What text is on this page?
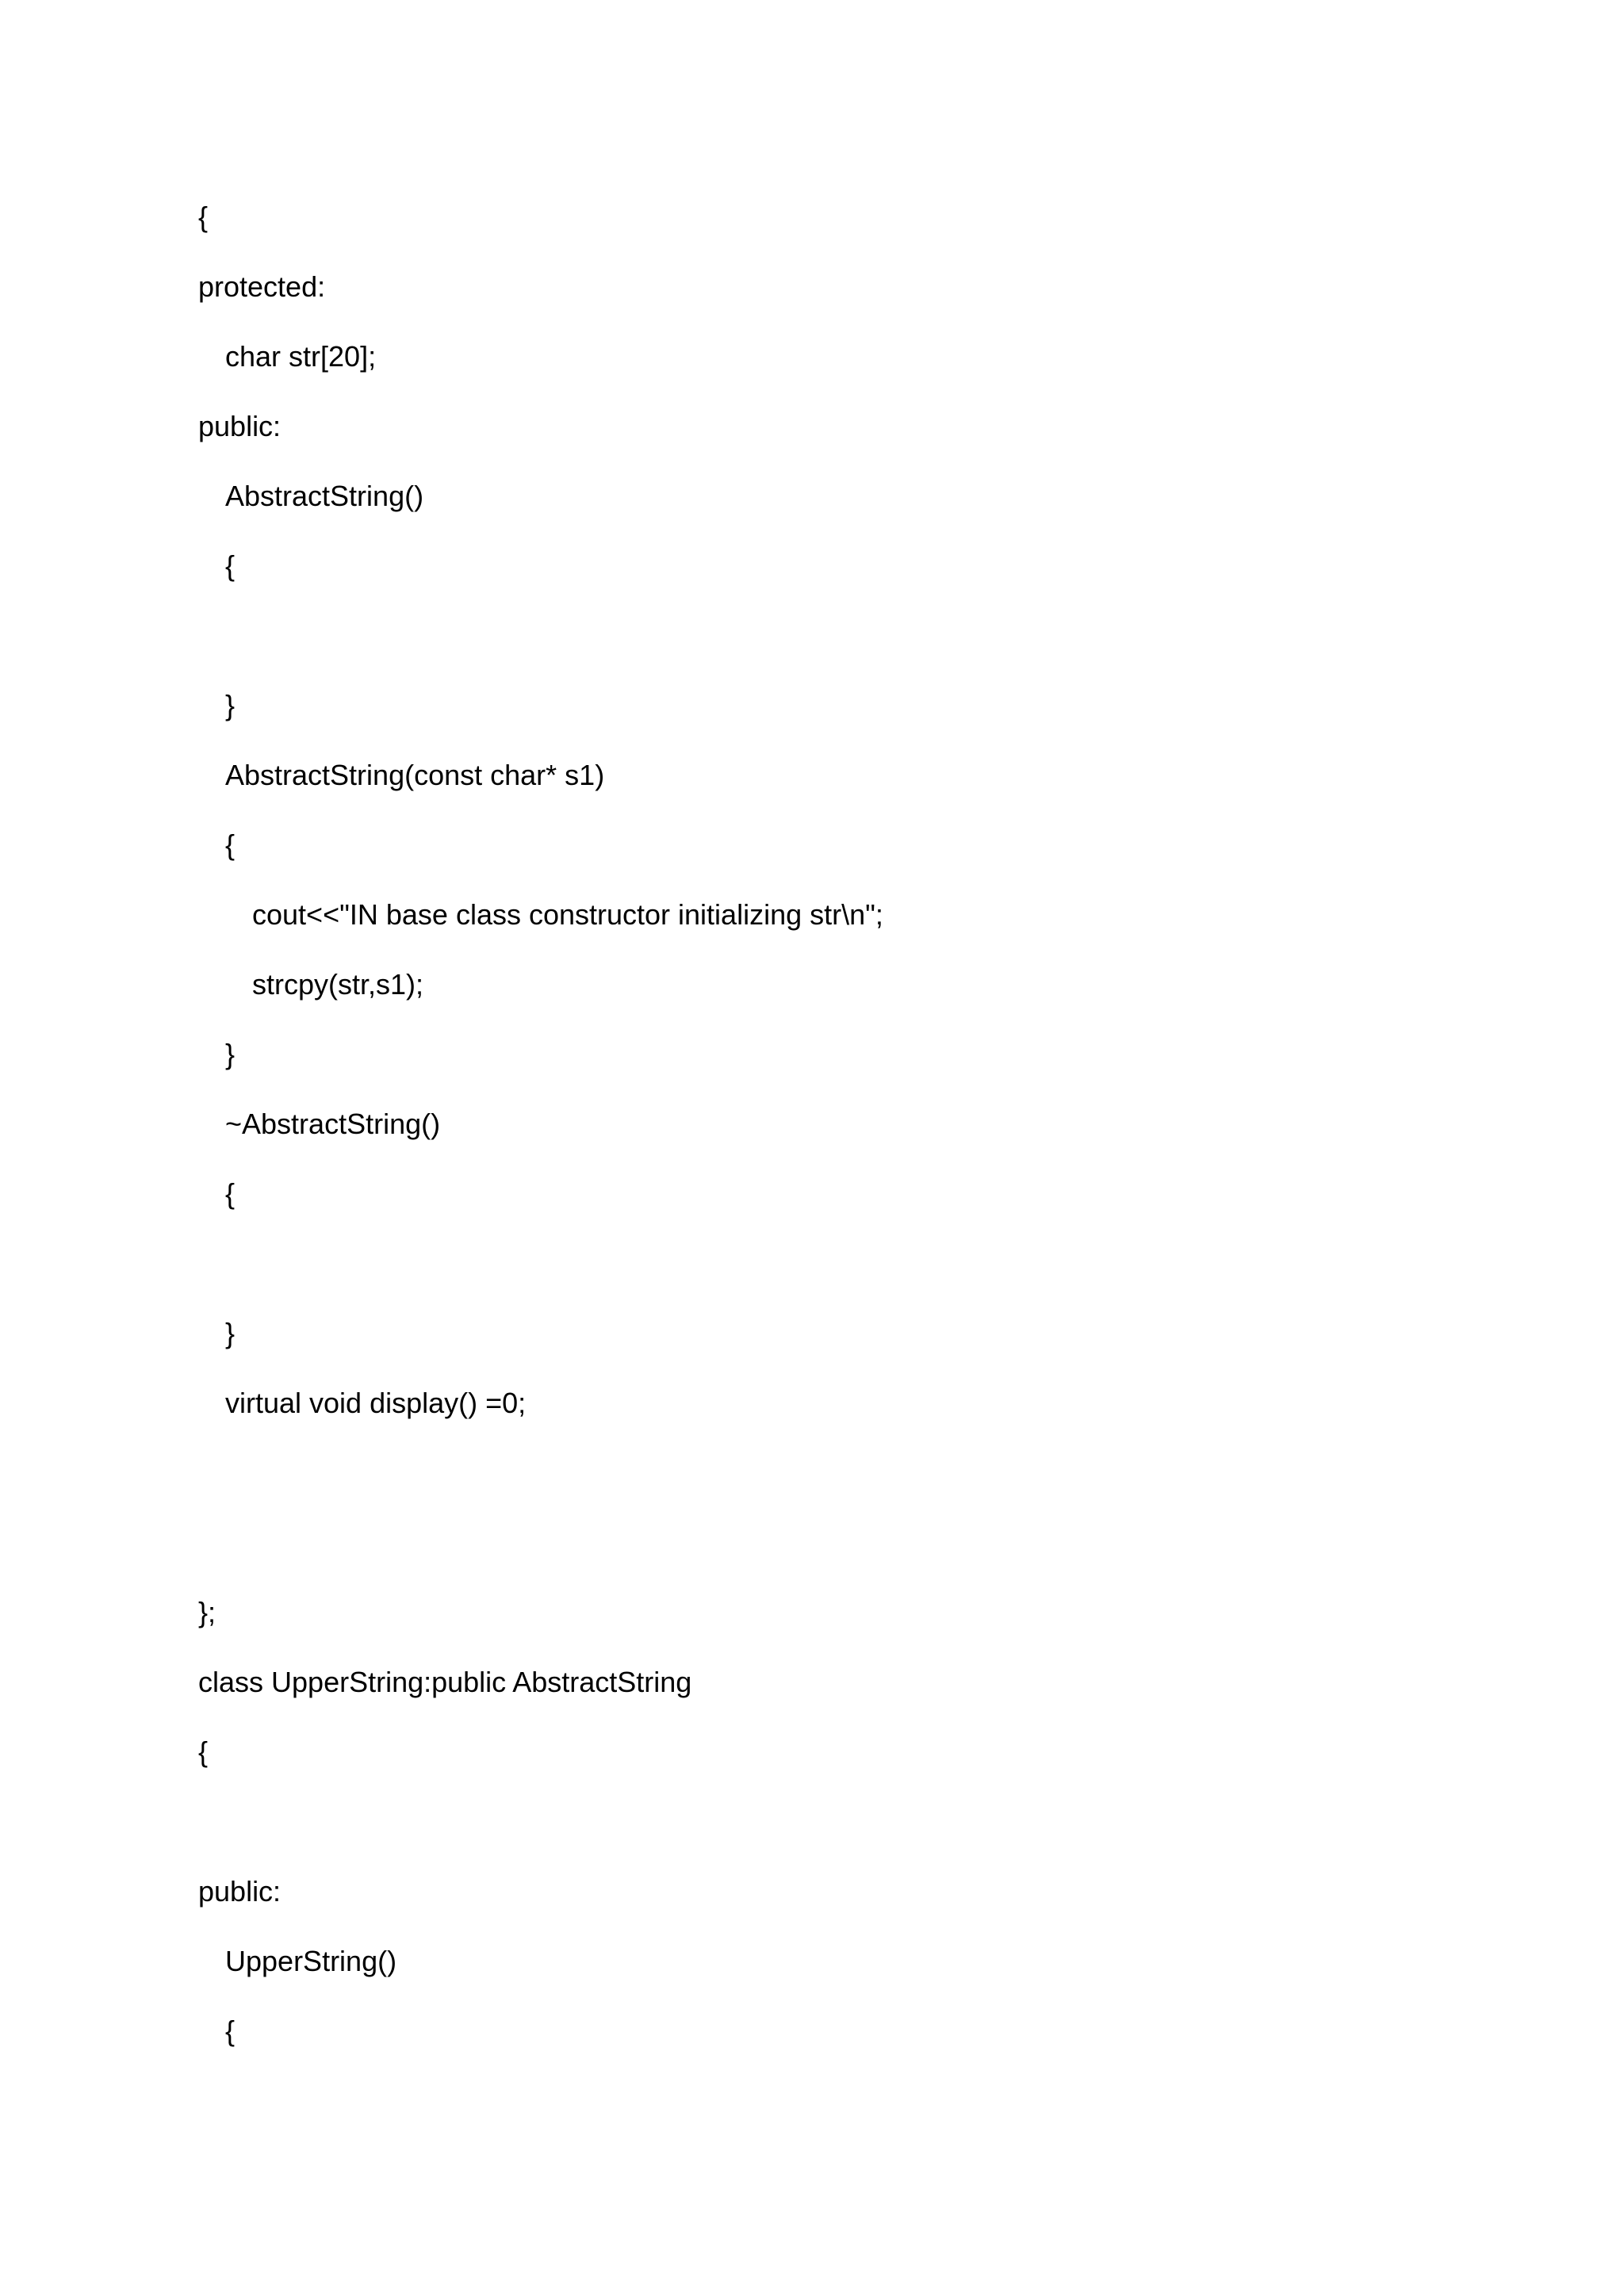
{
protected:
char str[20];
public:
AbstractString()
{
}
AbstractString(const char* s1)
{
cout<<"IN base class constructor initializing str\n";
strcpy(str,s1);
}
~AbstractString()
{
}
virtual void display() =0;
};
class UpperString:public AbstractString
{
public:
UpperString()
{
